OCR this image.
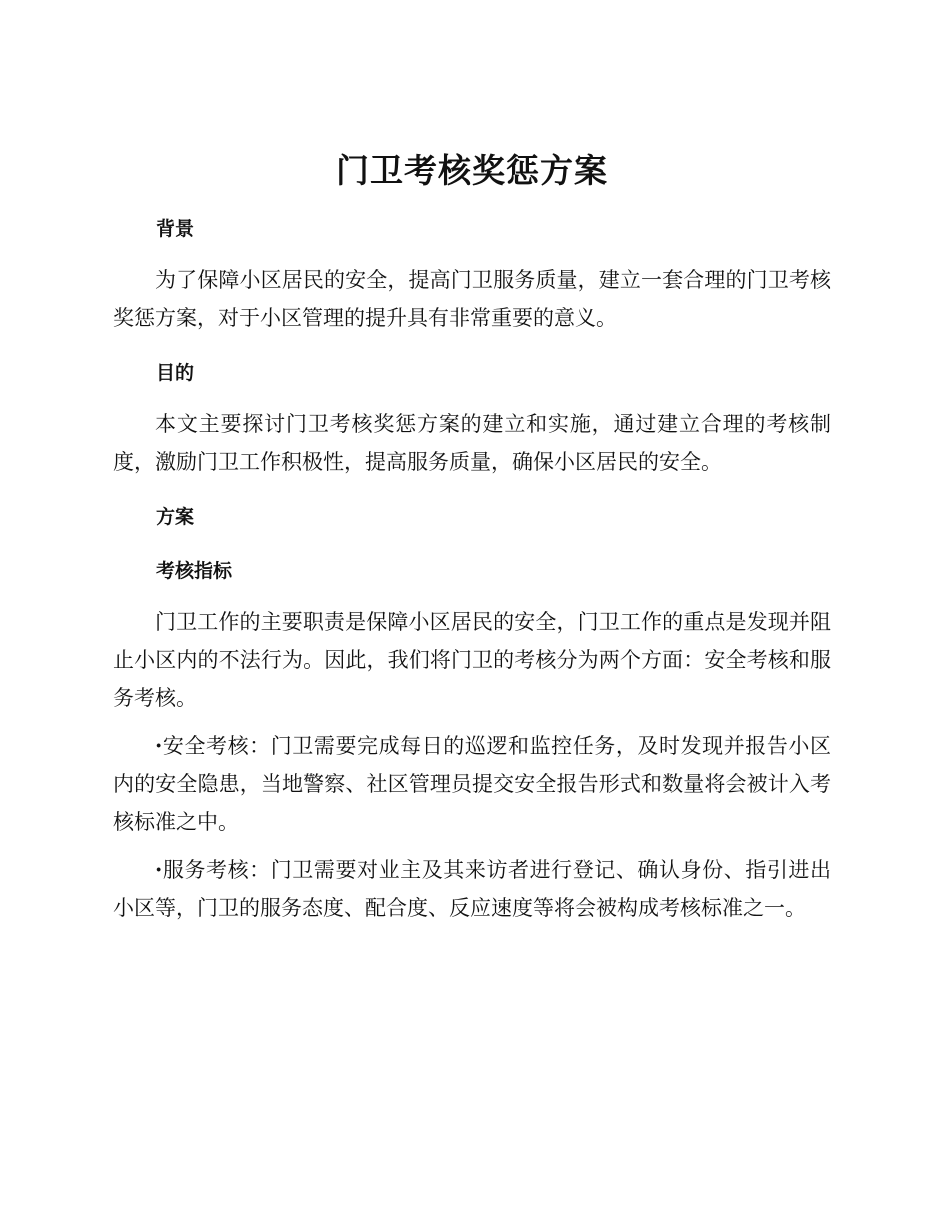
门卫考核奖惩方案
背景

为了保障小区居民的安全，提高门卫服务质量，建立一套合理的门卫考核奖惩方案，对于小区管理的提升具有非常重要的意义。

目的

本文主要探讨门卫考核奖惩方案的建立和实施，通过建立合理的考核制度，激励门卫工作积极性，提高服务质量，确保小区居民的安全。

方案
考核指标

门卫工作的主要职责是保障小区居民的安全，门卫工作的重点是发现并阻止小区内的不法行为。因此，我们将门卫的考核分为两个方面：安全考核和服务考核。

·安全考核：门卫需要完成每日的巡逻和监控任务，及时发现并报告小区内的安全隐患，当地警察、社区管理员提交安全报告形式和数量将会被计入考核标准之中。

·服务考核：门卫需要对业主及其来访者进行登记、确认身份、指引进出小区等，门卫的服务态度、配合度、反应速度等将会被构成考核标准之一。
